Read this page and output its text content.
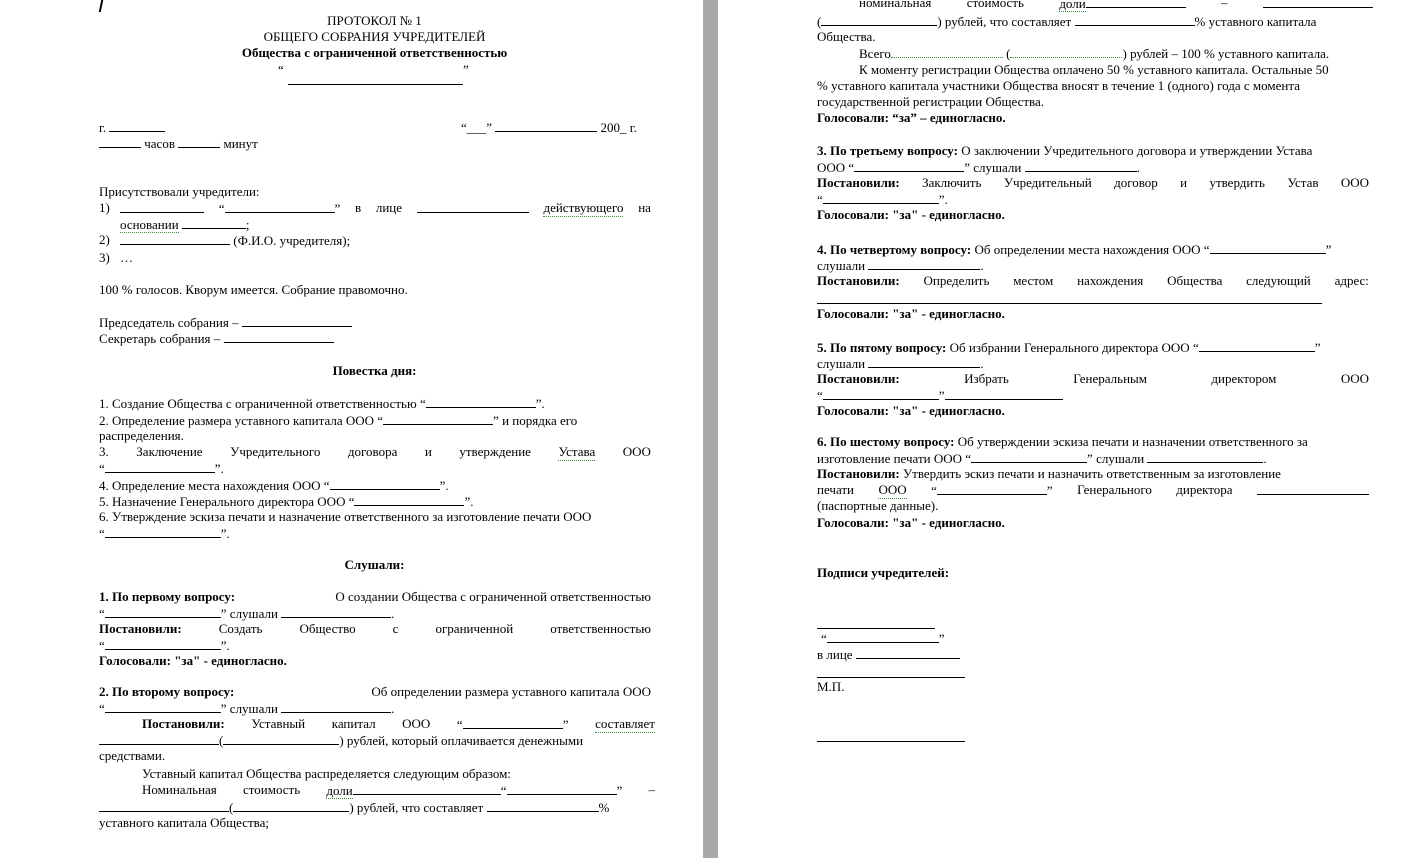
ПРОТОКОЛ № 1
ОБЩЕГО СОБРАНИЯ УЧРЕДИТЕЛЕЙ
Общества с ограниченной ответственностью
“	”
г.	“___”	200_ г.
часов	минут
Присутствовали учредители:
1)	“	” в лице	действующего на
основании	;
2)	(Ф.И.О. учредителя);
3) …
100 % голосов. Кворум имеется. Собрание правомочно.
Председатель собрания –
Секретарь собрания –
Повестка дня:
1. Создание Общества с ограниченной ответственностью “	”.
2. Определение размера уставного капитала ООО “	” и порядка его
распределения.
3. Заключение Учредительного договора и утверждение Устава ООО
“	”.
4. Определение места нахождения ООО “	”.
5. Назначение Генерального директора ООО “	”.
6. Утверждение эскиза печати и назначение ответственного за изготовление печати ООО
“	”.
Слушали:
1. По первому вопросу:	О создании Общества с ограниченной ответственностью
“	” слушали	.
Постановили:	Создать	Общество	с	ограниченной	ответственностью
“	”.
Голосовали: "за" - единогласно.
2. По второму вопросу:	Об определении размера уставного капитала ООО
“	” слушали	.
Постановили: Уставный капитал ООО “	” составляет
(	) рублей, который оплачивается денежными
средствами.
Уставный капитал Общества распределяется следующим образом:
Номинальная стоимость доли	“	” –
(	) рублей, что составляет	%
уставного капитала Общества;
номинальная	стоимость	доли	–
(	) рублей, что составляет	% уставного капитала
Общества.
Всего	(	) рублей – 100 % уставного капитала.
К моменту регистрации Общества оплачено 50 % уставного капитала. Остальные 50
% уставного капитала участники Общества вносят в течение 1 (одного) года с момента
государственной регистрации Общества.
Голосовали: “за” – единогласно.
3. По третьему вопросу: О заключении Учредительного договора и утверждении Устава
ООО “	” слушали	.
Постановили: Заключить Учредительный договор и утвердить Устав ООО
“	”.
Голосовали: "за" - единогласно.
4. По четвертому вопросу: Об определении места нахождения ООО “	”
слушали	.
Постановили: Определить местом нахождения Общества следующий адрес:
Голосовали: "за" - единогласно.
5. По пятому вопросу: Об избрании Генерального директора ООО “	”
слушали	.
Постановили:	Избрать	Генеральным	директором	ООО
“	”
Голосовали: "за" - единогласно.
6. По шестому вопросу: Об утверждении эскиза печати и назначении ответственного за
изготовление печати ООО “	” слушали	.
Постановили: Утвердить эскиз печати и назначить ответственным за изготовление
печати ООО “	” Генерального директора
(паспортные данные).
Голосовали: "за" - единогласно.
Подписи учредителей:
“	”
в лице
М.П.
